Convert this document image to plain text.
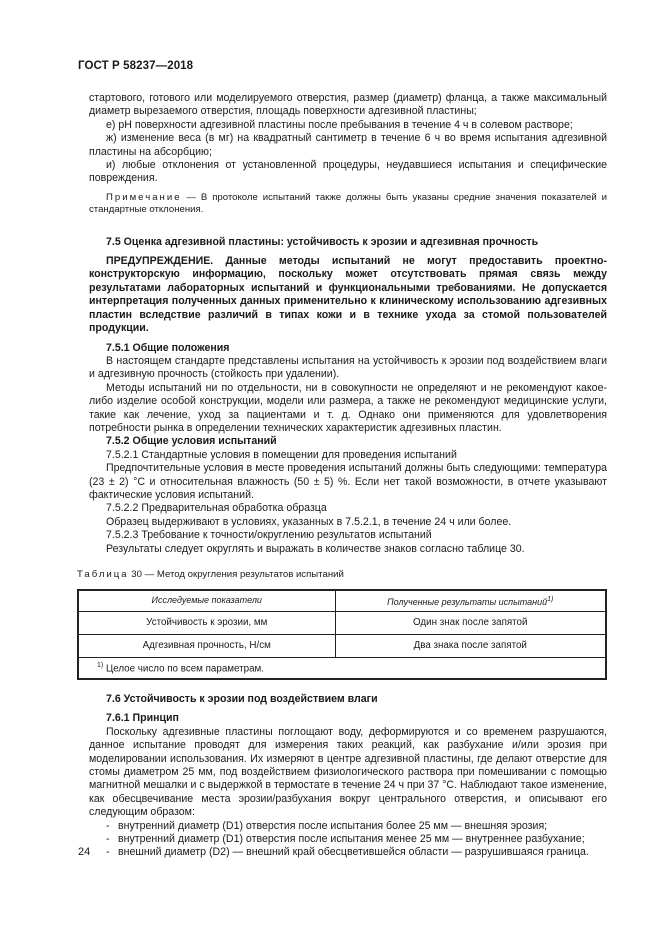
ГОСТ Р 58237—2018

стартового, готового или моделируемого отверстия, размер (диаметр) фланца, а также максимальный диаметр вырезаемого отверстия, площадь поверхности адгезивной пластины;

е) рН поверхности адгезивной пластины после пребывания в течение 4 ч в солевом растворе;

ж) изменение веса (в мг) на квадратный сантиметр в течение 6 ч во время испытания адгезивной пластины на абсорбцию;

и) любые отклонения от установленной процедуры, неудавшиеся испытания и специфические повреждения.

Примечание — В протоколе испытаний также должны быть указаны средние значения показателей и стандартные отклонения.

7.5 Оценка адгезивной пластины: устойчивость к эрозии и адгезивная прочность

ПРЕДУПРЕЖДЕНИЕ. Данные методы испытаний не могут предоставить проектно-конструкторскую информацию, поскольку может отсутствовать прямая связь между результатами лабораторных испытаний и функциональными требованиями. Не допускается интерпретация полученных данных применительно к клиническому использованию адгезивных пластин вследствие различий в типах кожи и в технике ухода за стомой пользователей продукции.

7.5.1 Общие положения

В настоящем стандарте представлены испытания на устойчивость к эрозии под воздействием влаги и адгезивную прочность (стойкость при удалении).

Методы испытаний ни по отдельности, ни в совокупности не определяют и не рекомендуют какое-либо изделие особой конструкции, модели или размера, а также не рекомендуют медицинские услуги, такие как лечение, уход за пациентами и т. д. Однако они применяются для удовлетворения потребности рынка в определении технических характеристик адгезивных пластин.

7.5.2 Общие условия испытаний

7.5.2.1 Стандартные условия в помещении для проведения испытаний

Предпочтительные условия в месте проведения испытаний должны быть следующими: температура (23 ± 2) °С и относительная влажность (50 ± 5) %. Если нет такой возможности, в отчете указывают фактические условия испытаний.

7.5.2.2 Предварительная обработка образца

Образец выдерживают в условиях, указанных в 7.5.2.1, в течение 24 ч или более.

7.5.2.3 Требование к точности/округлению результатов испытаний

Результаты следует округлять и выражать в количестве знаков согласно таблице 30.

Таблица 30 — Метод округления результатов испытаний

Исследуемые показатели	Полученные результаты испытаний$^{1)}$
Устойчивость к эрозии, мм	Один знак после запятой
Адгезивная прочность, Н/см	Два знака после запятой
$^{1)}$ Целое число по всем параметрам.	

7.6 Устойчивость к эрозии под воздействием влаги

7.6.1 Принцип

Поскольку адгезивные пластины поглощают воду, деформируются и со временем разрушаются, данное испытание проводят для измерения таких реакций, как разбухание и/или эрозия при моделировании использования. Их измеряют в центре адгезивной пластины, где делают отверстие для стомы диаметром 25 мм, под воздействием физиологического раствора при помешивании с помощью магнитной мешалки и с выдержкой в термостате в течение 24 ч при 37 °С. Наблюдают такое изменение, как обесцвечивание места эрозии/разбухания вокруг центрального отверстия, и описывают его следующим образом:

- внутренний диаметр (D1) отверстия после испытания более 25 мм — внешняя эрозия;

- внутренний диаметр (D1) отверстия после испытания менее 25 мм — внутреннее разбухание;

- внешний диаметр (D2) — внешний край обесцветившейся области — разрушившаяся граница.

24
